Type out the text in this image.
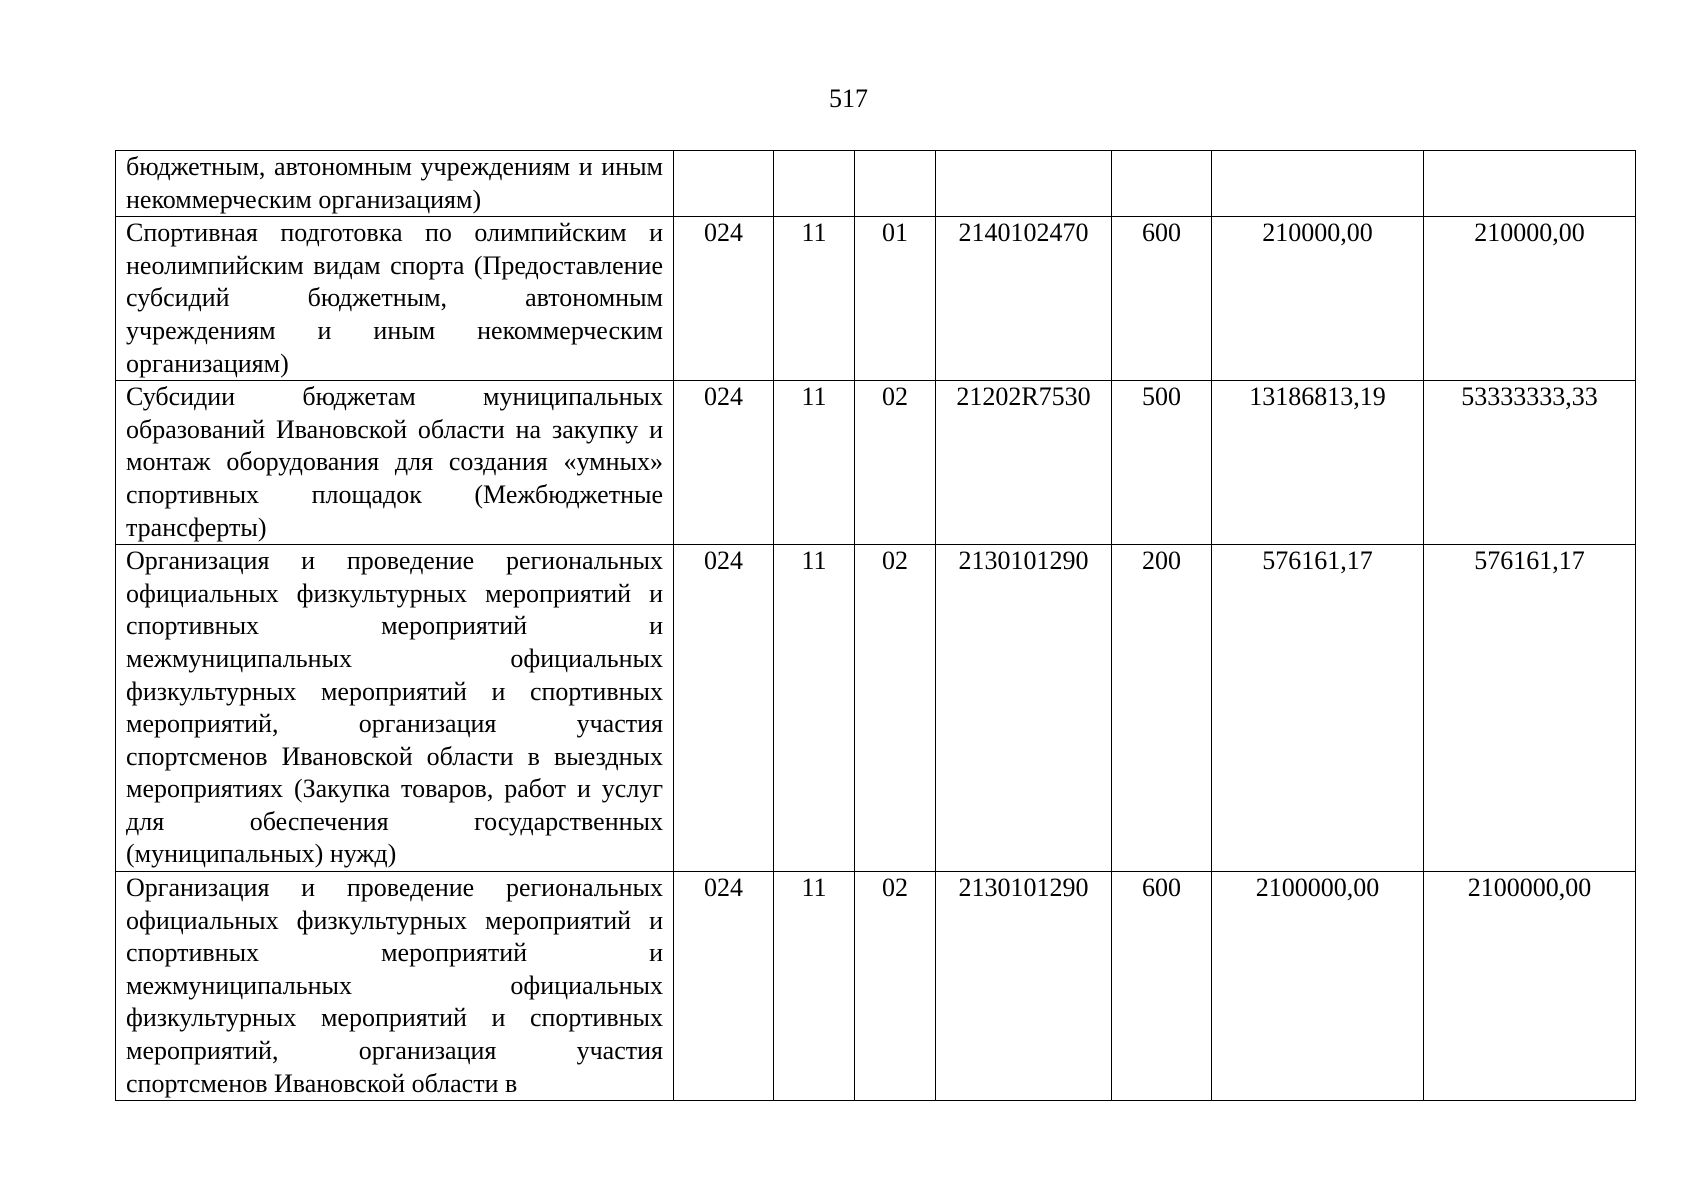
517
бюджетным, автономным учреждениям и иным некоммерческим организациям)							
Спортивная подготовка по олимпийским и неолимпийским видам спорта (Предоставление субсидий бюджетным, автономным учреждениям и иным некоммерческим организациям)	024	11	01	2140102470	600	210000,00	210000,00
Субсидии бюджетам муниципальных образований Ивановской области на закупку и монтаж оборудования для создания «умных» спортивных площадок (Межбюджетные трансферты)	024	11	02	21202R7530	500	13186813,19	53333333,33
Организация и проведение региональных официальных физкультурных мероприятий и спортивных мероприятий и межмуниципальных официальных физкультурных мероприятий и спортивных мероприятий, организация участия спортсменов Ивановской области в выездных мероприятиях (Закупка товаров, работ и услуг для обеспечения государственных (муниципальных) нужд)	024	11	02	2130101290	200	576161,17	576161,17
Организация и проведение региональных официальных физкультурных мероприятий и спортивных мероприятий и межмуниципальных официальных физкультурных мероприятий и спортивных мероприятий, организация участия спортсменов Ивановской области в	024	11	02	2130101290	600	2100000,00	2100000,00
